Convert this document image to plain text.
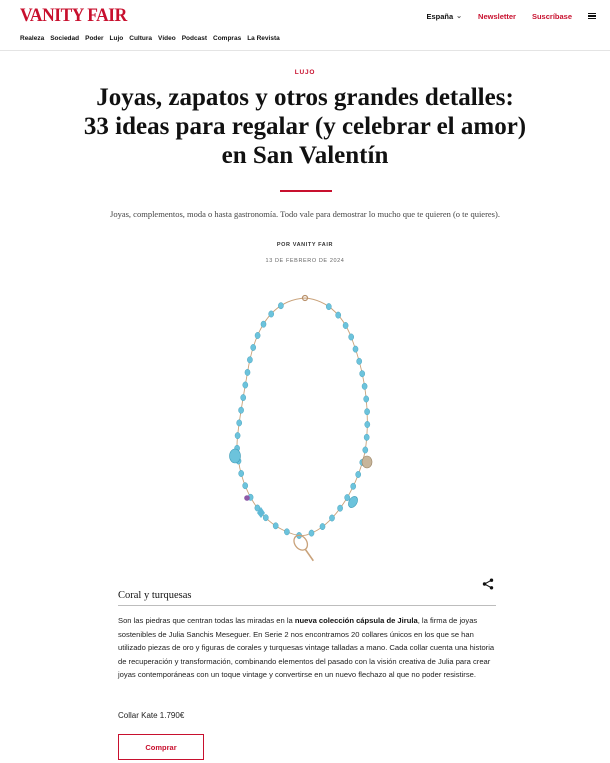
VANITY FAIR	España ⌄ Newsletter Suscríbase
Realeza Sociedad Poder Lujo Cultura Vídeo Podcast Compras La Revista
LUJO
Joyas, zapatos y otros grandes detalles:
33 ideas para regalar (y celebrar el amor)
en San Valentín

Joyas, complementos, moda o hasta gastronomía. Todo vale para demostrar lo mucho que te quieren (o te quieres).

POR VANITY FAIR
13 DE FEBRERO DE 2024
Coral y turquesas

Son las piedras que centran todas las miradas en la nueva colección cápsula de Jirula, la firma de joyas sostenibles de Julia Sanchis Meseguer. En Serie 2 nos encontramos 20 collares únicos en los que se han utilizado piezas de oro y figuras de corales y turquesas vintage talladas a mano. Cada collar cuenta una historia de recuperación y transformación, combinando elementos del pasado con la visión creativa de Julia para crear joyas contemporáneas con un toque vintage y convertirse en un nuevo flechazo al que no poder resistirse.

Collar Kate 1.790€
Comprar
